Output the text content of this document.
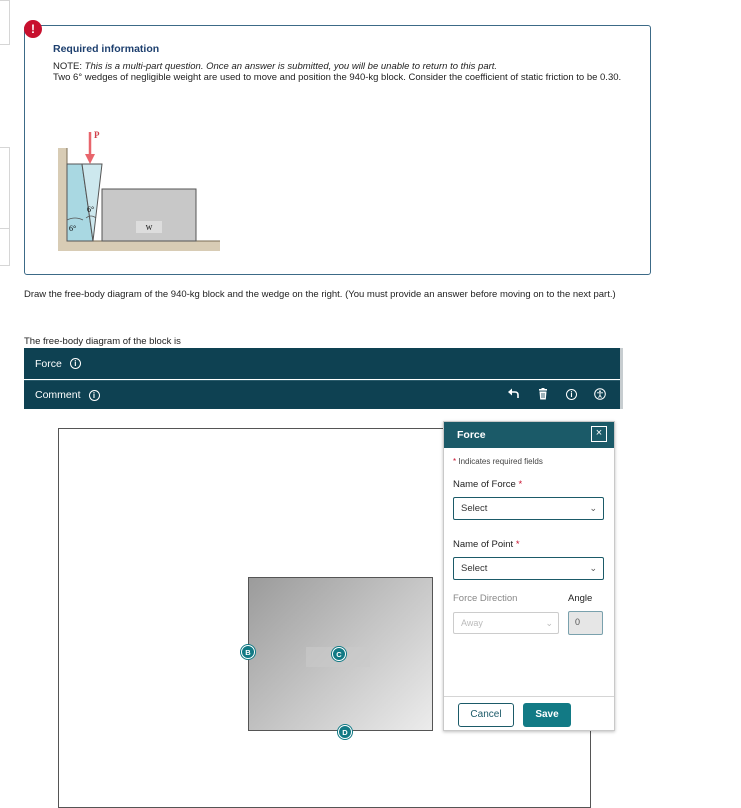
Required information
NOTE: This is a multi-part question. Once an answer is submitted, you will be unable to return to this part.
Two 6° wedges of negligible weight are used to move and position the 940-kg block. Consider the coefficient of static friction to be 0.30.
W
P
6°
6°
!
Draw the free-body diagram of the 940-kg block and the wedge on the right. (You must provide an answer before moving on to the next part.)
The free-body diagram of the block is
Force	i
Comment	i	i
B	C
D
Force	×
* Indicates required fields
Name of Force *
Select	⌄
Name of Point *
Select	⌄
Force Direction	Angle
Away	⌄	0
Cancel	Save
